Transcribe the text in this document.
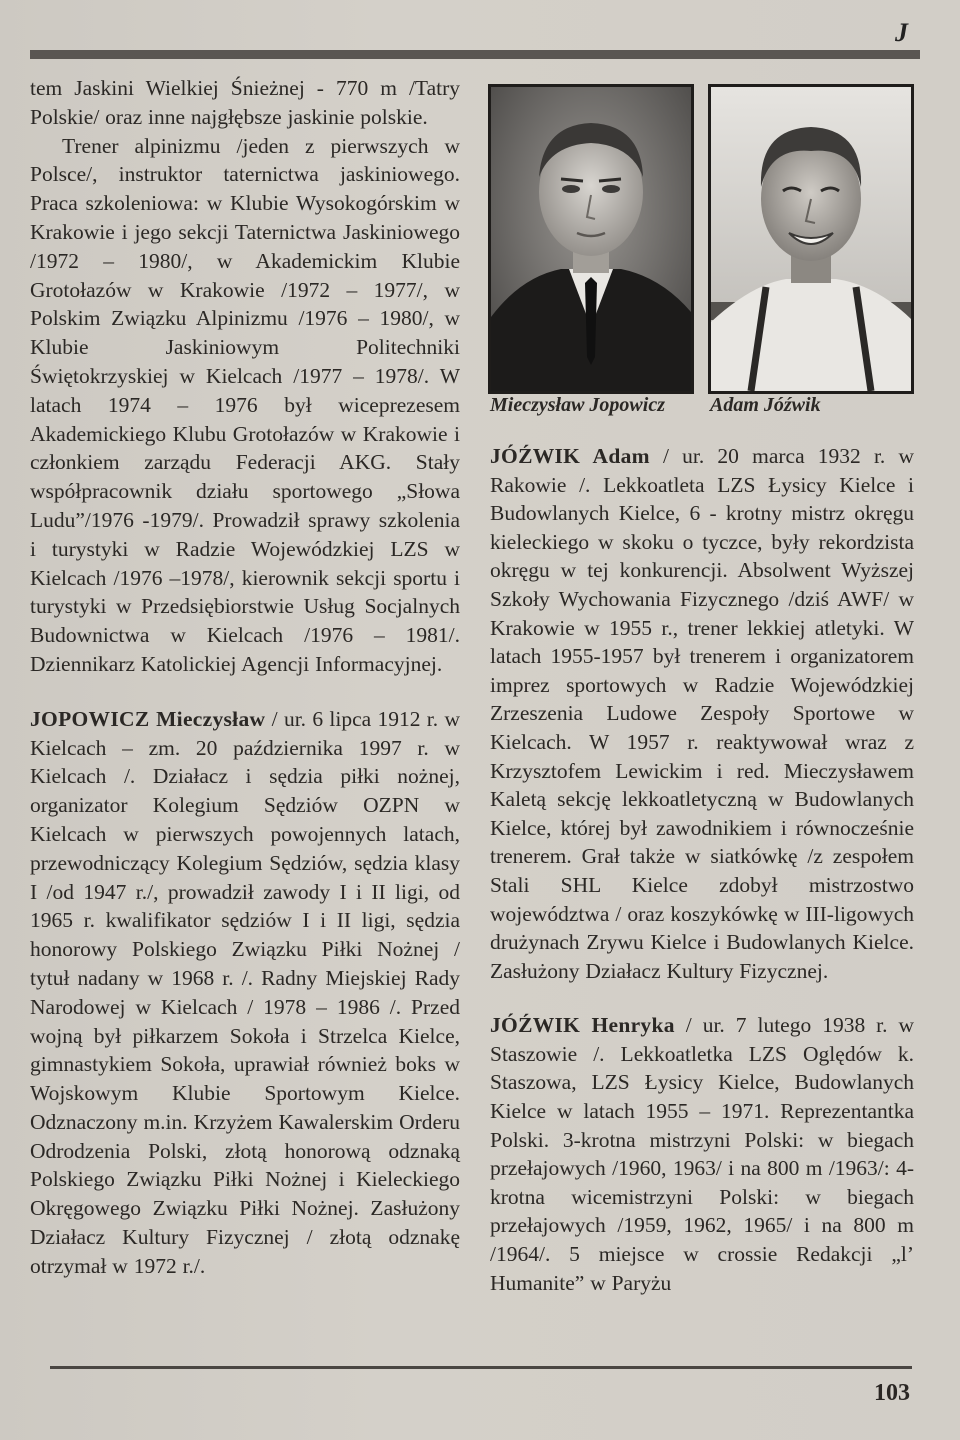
J

tem Jaskini Wielkiej Śnieżnej - 770 m /Tatry Polskie/ oraz inne najgłębsze jaskinie polskie.

Trener alpinizmu /jeden z pierwszych w Polsce/, instruktor taternictwa jaskiniowego. Praca szkoleniowa: w Klubie Wysokogórskim w Krakowie i jego sekcji Taternictwa Jaskiniowego /1972 – 1980/, w Akademickim Klubie Grotołazów w Krakowie /1972 – 1977/, w Polskim Związku Alpinizmu /1976 – 1980/, w Klubie Jaskiniowym Politechniki Świętokrzyskiej w Kielcach /1977 – 1978/. W latach 1974 – 1976 był wiceprezesem Akademickiego Klubu Grotołazów w Krakowie i członkiem zarządu Federacji AKG. Stały współpracownik działu sportowego „Słowa Ludu”/1976 -1979/. Prowadził sprawy szkolenia i turystyki w Radzie Wojewódzkiej LZS w Kielcach /1976 –1978/, kierownik sekcji sportu i turystyki w Przedsiębiorstwie Usług Socjalnych Budownictwa w Kielcach /1976 – 1981/. Dziennikarz Katolickiej Agencji Informacyjnej.

JOPOWICZ Mieczysław / ur. 6 lipca 1912 r. w Kielcach – zm. 20 października 1997 r. w Kielcach /. Działacz i sędzia piłki nożnej, organizator Kolegium Sędziów OZPN w Kielcach w pierwszych powojennych latach, przewodniczący Kolegium Sędziów, sędzia klasy I /od 1947 r./, prowadził zawody I i II ligi, od 1965 r. kwalifikator sędziów I i II ligi, sędzia honorowy Polskiego Związku Piłki Nożnej / tytuł nadany w 1968 r. /. Radny Miejskiej Rady Narodowej w Kielcach / 1978 – 1986 /. Przed wojną był piłkarzem Sokoła i Strzelca Kielce, gimnastykiem Sokoła, uprawiał również boks w Wojskowym Klubie Sportowym Kielce. Odznaczony m.in. Krzyżem Kawalerskim Orderu Odrodzenia Polski, złotą honorową odznaką Polskiego Związku Piłki Nożnej i Kieleckiego Okręgowego Związku Piłki Nożnej. Zasłużony Działacz Kultury Fizycznej / złotą odznakę otrzymał w 1972 r./.

Mieczysław Jopowicz Adam Jóźwik

JÓŹWIK Adam / ur. 20 marca 1932 r. w Rakowie /. Lekkoatleta LZS Łysicy Kielce i Budowlanych Kielce, 6 - krotny mistrz okręgu kieleckiego w skoku o tyczce, były rekordzista okręgu w tej konkurencji. Absolwent Wyższej Szkoły Wychowania Fizycznego /dziś AWF/ w Krakowie w 1955 r., trener lekkiej atletyki. W latach 1955-1957 był trenerem i organizatorem imprez sportowych w Radzie Wojewódzkiej Zrzeszenia Ludowe Zespoły Sportowe w Kielcach. W 1957 r. reaktywował wraz z Krzysztofem Lewickim i red. Mieczysławem Kaletą sekcję lekkoatletyczną w Budowlanych Kielce, której był zawodnikiem i równocześnie trenerem. Grał także w siatkówkę /z zespołem Stali SHL Kielce zdobył mistrzostwo województwa / oraz koszykówkę w III-ligowych drużynach Zrywu Kielce i Budowlanych Kielce. Zasłużony Działacz Kultury Fizycznej.

JÓŹWIK Henryka / ur. 7 lutego 1938 r. w Staszowie /. Lekkoatletka LZS Oględów k. Staszowa, LZS Łysicy Kielce, Budowlanych Kielce w latach 1955 – 1971. Reprezentantka Polski. 3-krotna mistrzyni Polski: w biegach przełajowych /1960, 1963/ i na 800 m /1963/: 4-krotna wicemistrzyni Polski: w biegach przełajowych /1959, 1962, 1965/ i na 800 m /1964/. 5 miejsce w crossie Redakcji „l’ Humanite” w Paryżu

103
